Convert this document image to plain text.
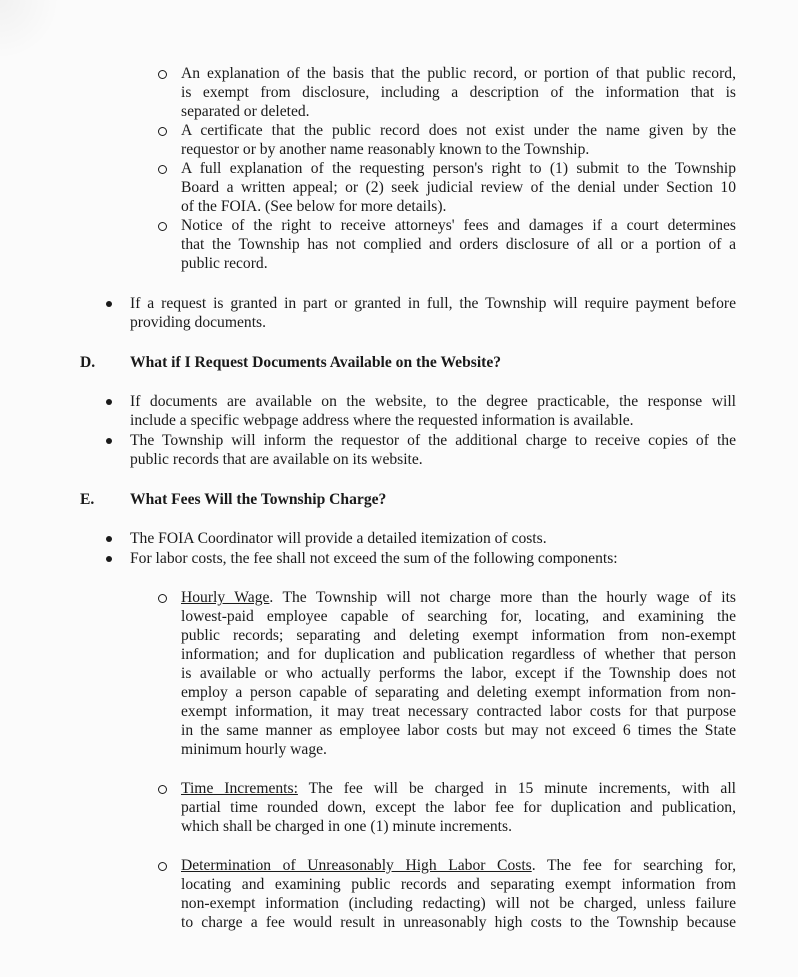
An explanation of the basis that the public record, or portion of that public record,
is exempt from disclosure, including a description of the information that is
separated or deleted.
A certificate that the public record does not exist under the name given by the
requestor or by another name reasonably known to the Township.
A full explanation of the requesting person's right to (1) submit to the Township
Board a written appeal; or (2) seek judicial review of the denial under Section 10
of the FOIA. (See below for more details).
Notice of the right to receive attorneys' fees and damages if a court determines
that the Township has not complied and orders disclosure of all or a portion of a
public record.
If a request is granted in part or granted in full, the Township will require payment before
providing documents.
D. What if I Request Documents Available on the Website?
If documents are available on the website, to the degree practicable, the response will
include a specific webpage address where the requested information is available.
The Township will inform the requestor of the additional charge to receive copies of the
public records that are available on its website.
E. What Fees Will the Township Charge?
The FOIA Coordinator will provide a detailed itemization of costs.
For labor costs, the fee shall not exceed the sum of the following components:
Hourly Wage. The Township will not charge more than the hourly wage of its
lowest-paid employee capable of searching for, locating, and examining the
public records; separating and deleting exempt information from non-exempt
information; and for duplication and publication regardless of whether that person
is available or who actually performs the labor, except if the Township does not
employ a person capable of separating and deleting exempt information from non-
exempt information, it may treat necessary contracted labor costs for that purpose
in the same manner as employee labor costs but may not exceed 6 times the State
minimum hourly wage.
Time Increments: The fee will be charged in 15 minute increments, with all
partial time rounded down, except the labor fee for duplication and publication,
which shall be charged in one (1) minute increments.
Determination of Unreasonably High Labor Costs. The fee for searching for,
locating and examining public records and separating exempt information from
non-exempt information (including redacting) will not be charged, unless failure
to charge a fee would result in unreasonably high costs to the Township because
